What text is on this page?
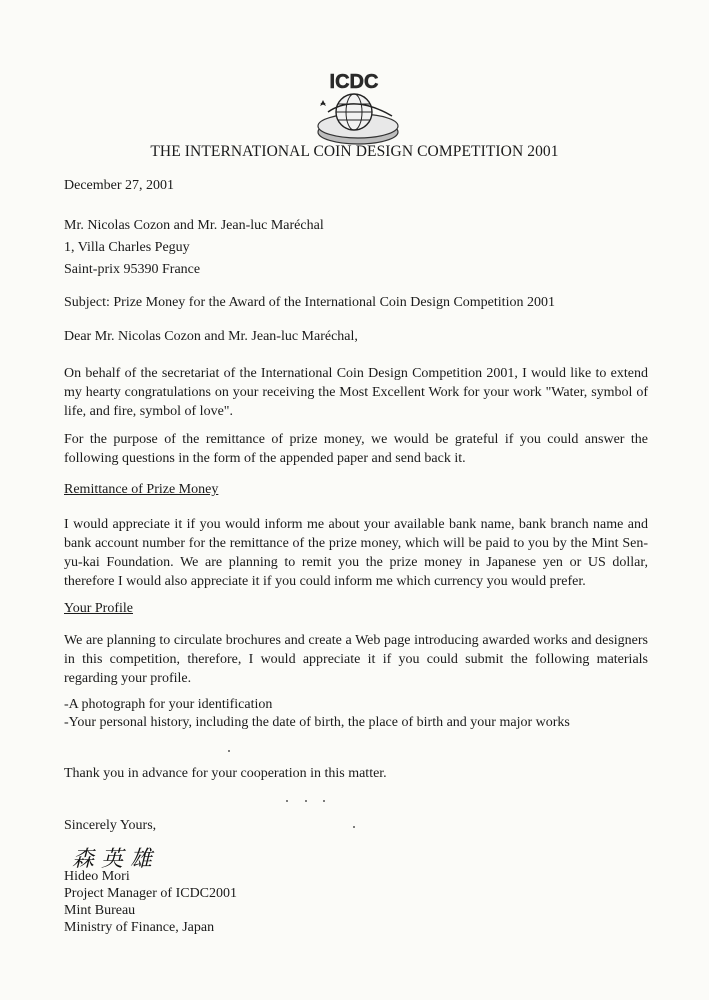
ICDC
THE INTERNATIONAL COIN DESIGN COMPETITION 2001
December 27, 2001
Mr. Nicolas Cozon and Mr. Jean-luc Maréchal
1, Villa Charles Peguy
Saint-prix 95390 France
Subject: Prize Money for the Award of the International Coin Design Competition 2001
Dear Mr. Nicolas Cozon and Mr. Jean-luc Maréchal,
On behalf of the secretariat of the International Coin Design Competition 2001, I would like to extend my hearty congratulations on your receiving the Most Excellent Work for your work "Water, symbol of life, and fire, symbol of love".
For the purpose of the remittance of prize money, we would be grateful if you could answer the following questions in the form of the appended paper and send back it.
Remittance of Prize Money
I would appreciate it if you would inform me about your available bank name, bank branch name and bank account number for the remittance of the prize money, which will be paid to you by the Mint Sen-yu-kai Foundation. We are planning to remit you the prize money in Japanese yen or US dollar, therefore I would also appreciate it if you could inform me which currency you would prefer.
Your Profile
We are planning to circulate brochures and create a Web page introducing awarded works and designers in this competition, therefore, I would appreciate it if you could submit the following materials regarding your profile.
-A photograph for your identification
-Your personal history, including the date of birth, the place of birth and your major works
Thank you in advance for your cooperation in this matter.
Sincerely Yours,
森 英 雄
Hideo Mori
Project Manager of ICDC2001
Mint Bureau
Ministry of Finance, Japan
